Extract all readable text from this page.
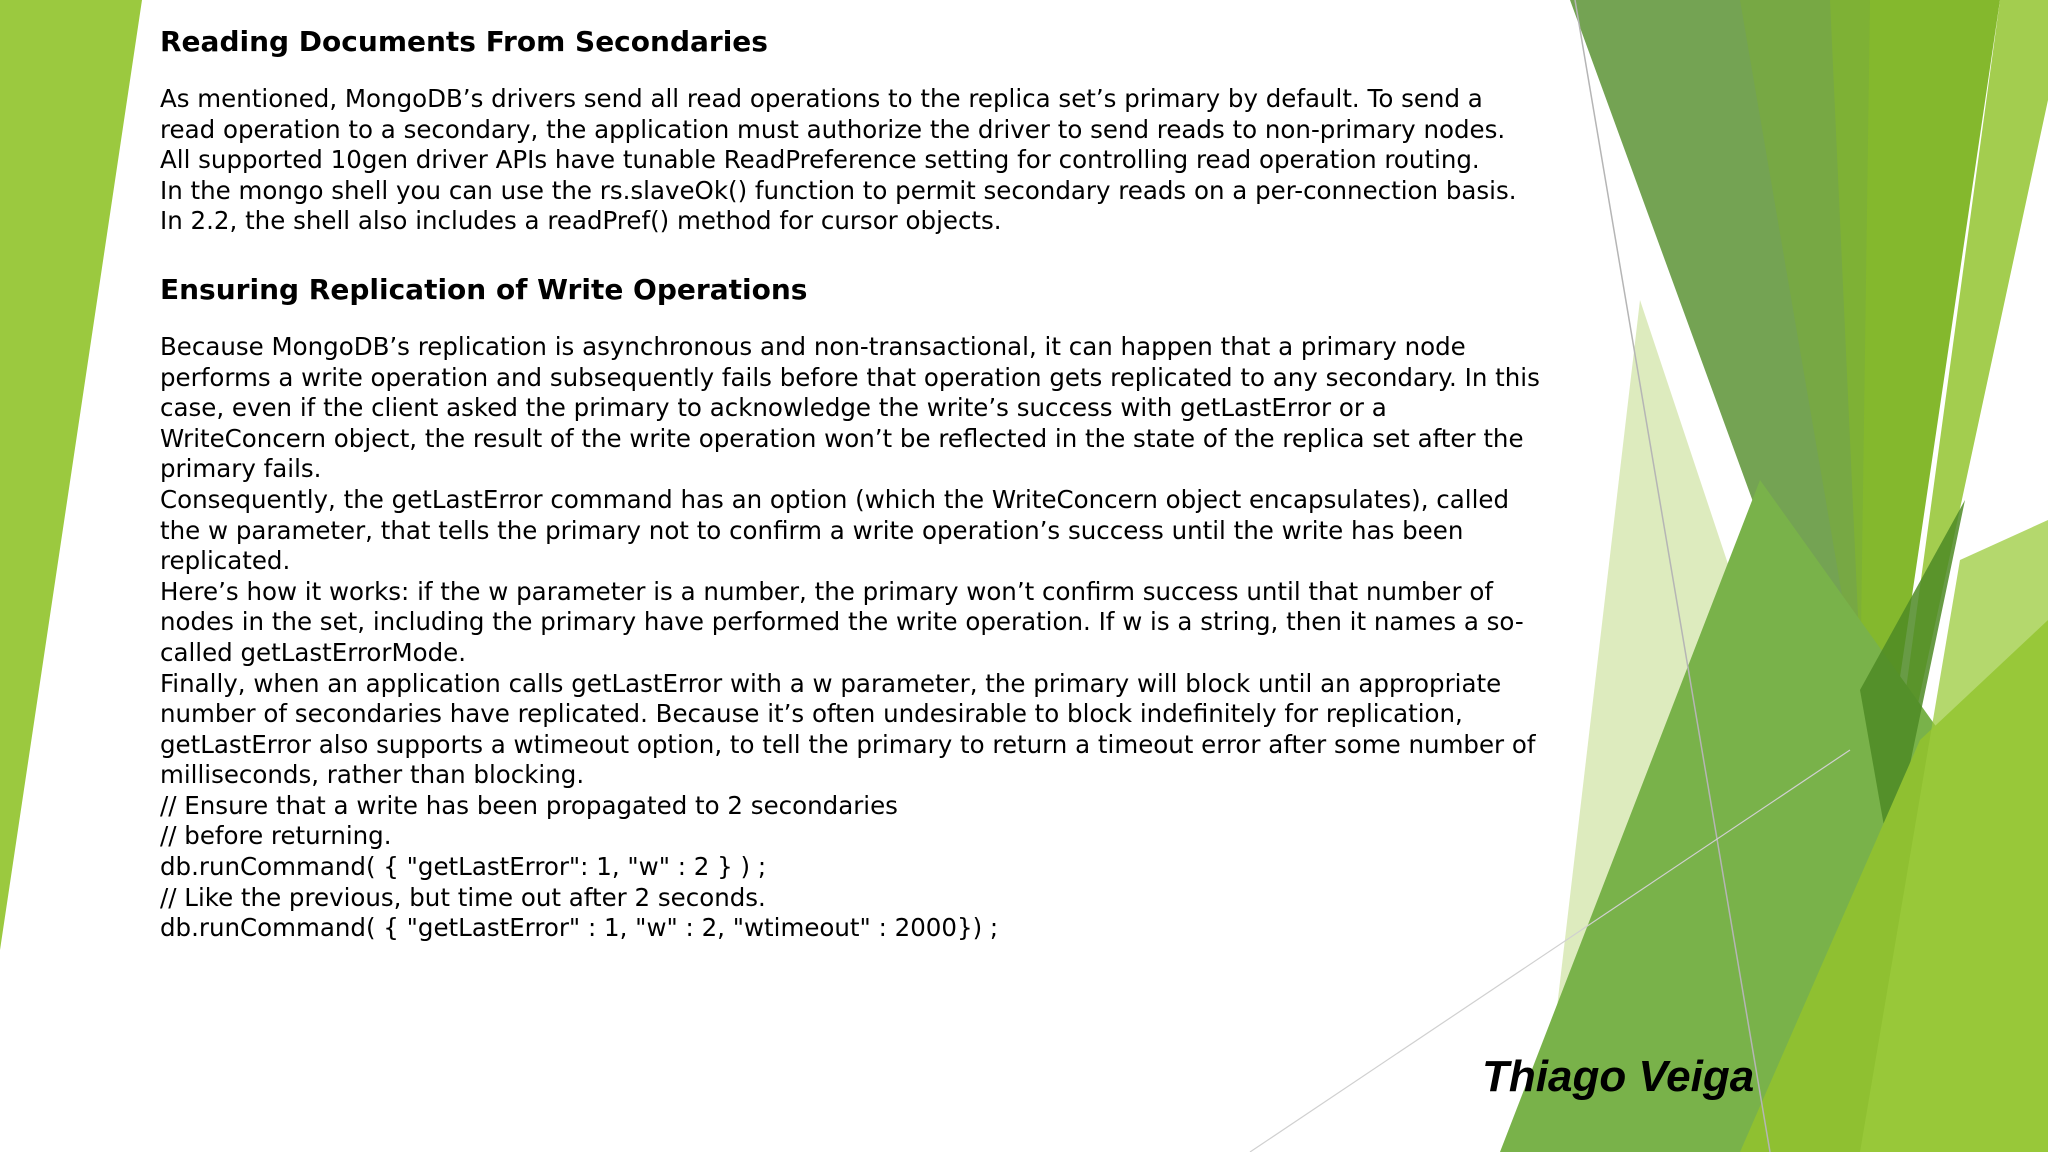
Reading Documents From Secondaries

As mentioned, MongoDB’s drivers send all read operations to the replica set’s primary by default. To send a read operation to a secondary, the application must authorize the driver to send reads to non-primary nodes.

All supported 10gen driver APIs have tunable ReadPreference setting for controlling read operation routing.

In the mongo shell you can use the rs.slaveOk() function to permit secondary reads on a per-connection basis. In 2.2, the shell also includes a readPref() method for cursor objects.

Ensuring Replication of Write Operations

Because MongoDB’s replication is asynchronous and non-transactional, it can happen that a primary node performs a write operation and subsequently fails before that operation gets replicated to any secondary. In this case, even if the client asked the primary to acknowledge the write’s success with getLastError or a WriteConcern object, the result of the write operation won’t be reflected in the state of the replica set after the primary fails.

Consequently, the getLastError command has an option (which the WriteConcern object encapsulates), called the w parameter, that tells the primary not to confirm a write operation’s success until the write has been replicated.

Here’s how it works: if the w parameter is a number, the primary won’t confirm success until that number of nodes in the set, including the primary have performed the write operation. If w is a string, then it names a so-called getLastErrorMode.

Finally, when an application calls getLastError with a w parameter, the primary will block until an appropriate number of secondaries have replicated. Because it’s often undesirable to block indefinitely for replication, getLastError also supports a wtimeout option, to tell the primary to return a timeout error after some number of milliseconds, rather than blocking.

// Ensure that a write has been propagated to 2 secondaries

// before returning.

db.runCommand( { "getLastError": 1, "w" : 2 } ) ;

// Like the previous, but time out after 2 seconds.

db.runCommand( { "getLastError" : 1, "w" : 2, "wtimeout" : 2000}) ;

Thiago Veiga
